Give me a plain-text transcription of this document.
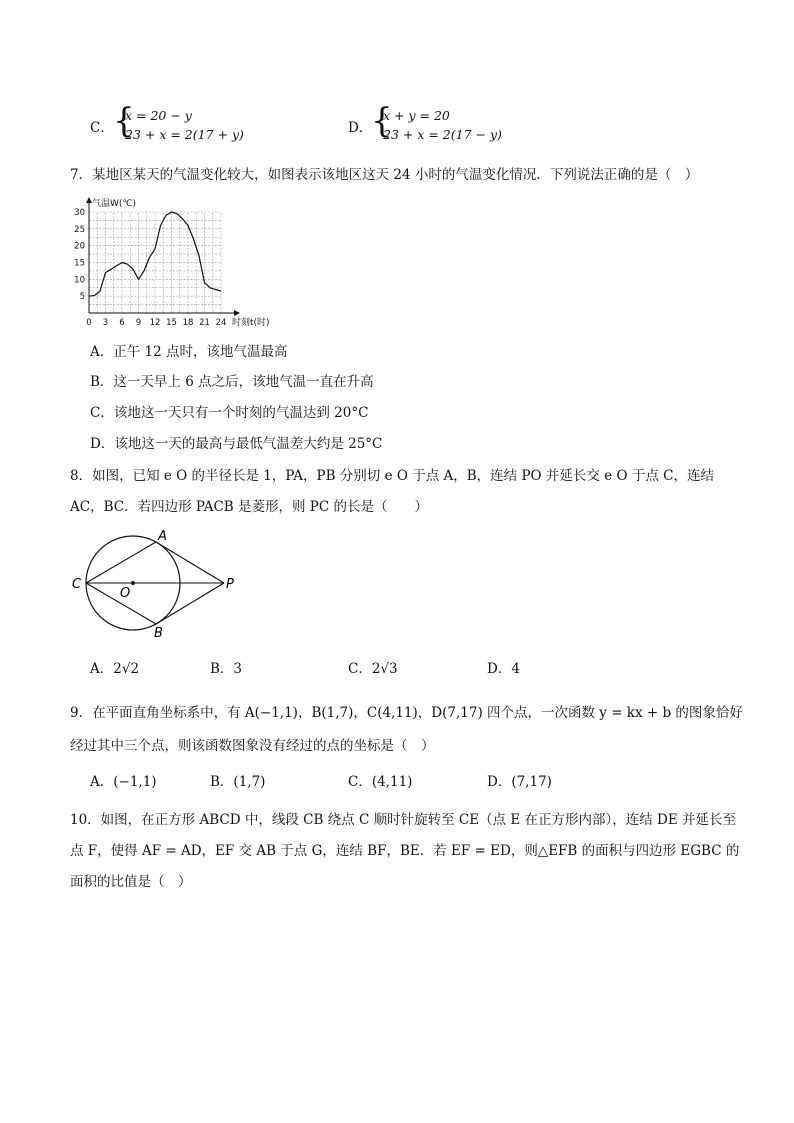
C． {
x = 20 − y
23 + x = 2(17 + y)	D．
{
x + y = 20
23 + x = 2(17 − y)
7．某地区某天的气温变化较大，如图表示该地区这天 24 小时的气温变化情况．下列说法正确的是（　）
0 3 6 9 12 15 18 21 24
5
10
15
20
25
30
气温W(℃)
时刻t(时)
A．正午 12 点时，该地气温最高
B．这一天早上 6 点之后，该地气温一直在升高
C．该地这一天只有一个时刻的气温达到 20°C
D．该地这一天的最高与最低气温差大约是 25°C
8．如图，已知 e O 的半径长是 1，PA，PB 分别切 e O 于点 A，B，连结 PO 并延长交 e O 于点 C，连结
AC，BC．若四边形 PACB 是菱形，则 PC 的长是（　　）
A
B
C
O
P
A．2√2	B．3	C．2√3	D．4
9．在平面直角坐标系中，有 A(−1,1)，B(1,7)，C(4,11)，D(7,17) 四个点，一次函数 y = kx + b 的图象恰好
经过其中三个点，则该函数图象没有经过的点的坐标是（　）
A．(−1,1)	B．(1,7)	C．(4,11)	D．(7,17)
10．如图，在正方形 ABCD 中，线段 CB 绕点 C 顺时针旋转至 CE（点 E 在正方形内部），连结 DE 并延长至
点 F，使得 AF = AD，EF 交 AB 于点 G，连结 BF，BE．若 EF = ED，则△EFB 的面积与四边形 EGBC 的
面积的比值是（　）
